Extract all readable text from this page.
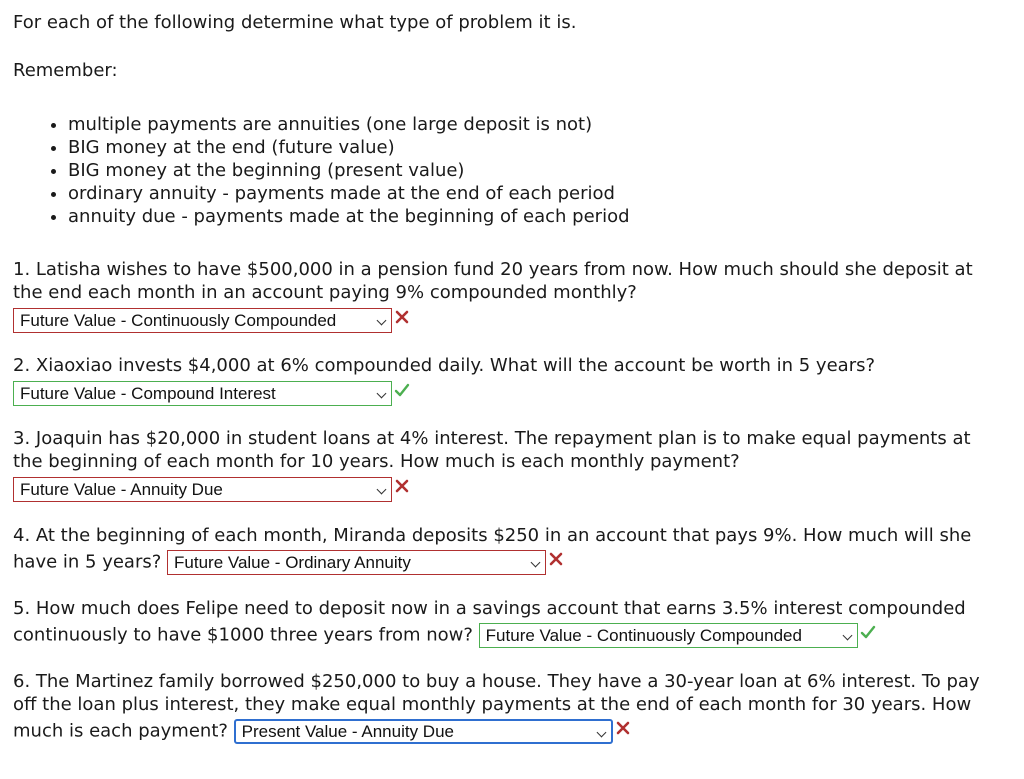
For each of the following determine what type of problem it is.
Remember:
• multiple payments are annuities (one large deposit is not)
• BIG money at the end (future value)
• BIG money at the beginning (present value)
• ordinary annuity - payments made at the end of each period
• annuity due - payments made at the beginning of each period
1. Latisha wishes to have $500,000 in a pension fund 20 years from now. How much should she deposit at
the end each month in an account paying 9% compounded monthly?
Future Value - Continuously Compounded
2. Xiaoxiao invests $4,000 at 6% compounded daily. What will the account be worth in 5 years?
Future Value - Compound Interest
3. Joaquin has $20,000 in student loans at 4% interest. The repayment plan is to make equal payments at
the beginning of each month for 10 years. How much is each monthly payment?
Future Value - Annuity Due
4. At the beginning of each month, Miranda deposits $250 in an account that pays 9%. How much will she
have in 5 years? Future Value - Ordinary Annuity
5. How much does Felipe need to deposit now in a savings account that earns 3.5% interest compounded
continuously to have $1000 three years from now? Future Value - Continuously Compounded
6. The Martinez family borrowed $250,000 to buy a house. They have a 30-year loan at 6% interest. To pay
off the loan plus interest, they make equal monthly payments at the end of each month for 30 years. How
much is each payment? Present Value - Annuity Due
